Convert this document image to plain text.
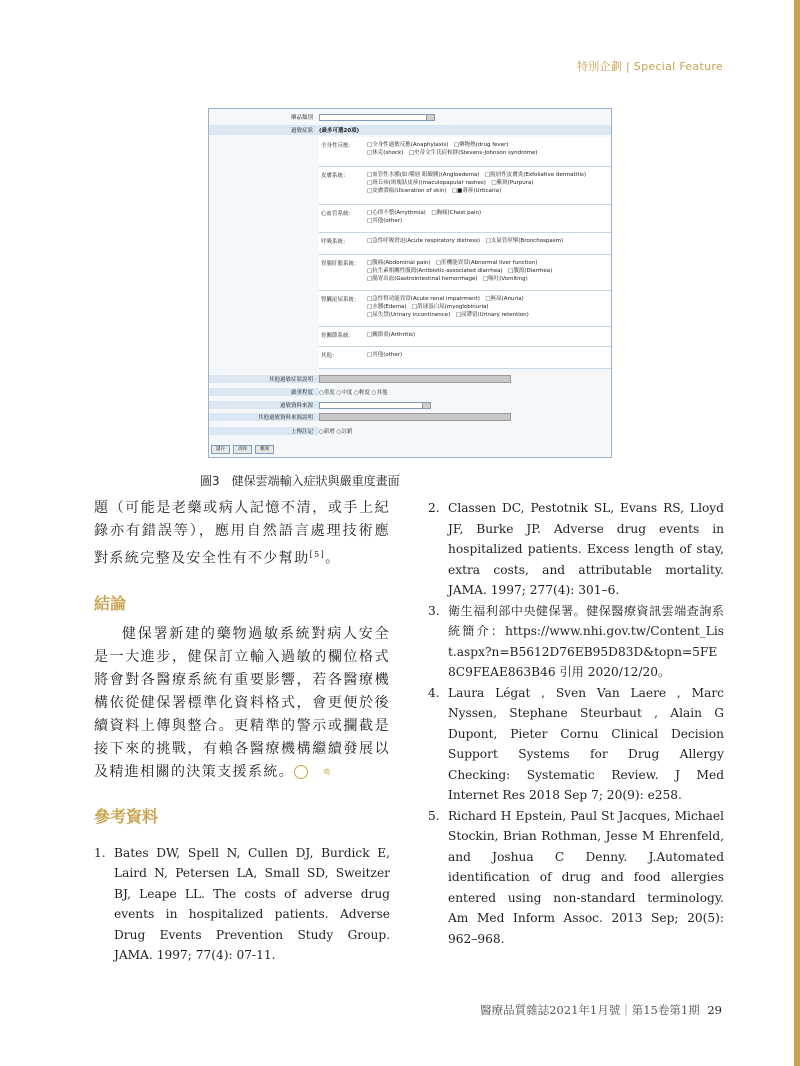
特別企劃 | Special Feature
藥品類別
過敏症狀	(最多可選20項)
全身性反應：	□全身性過敏反應(Anaphylaxis)　□藥物熱(drug fever)
□休克(shock)　□史蒂文生氏症候群(Stevens-Johnson syndrome)
皮膚系統：	□血管性水腫(如:嘴唇 眼瞼腫)(Angioedema)　□脫屑性皮膚炎(Exfoliative dermatitis)
□斑丘疹(斑塊狀皮疹)(maculopapular rashes)　□紫斑(Purpura)
□皮膚潰瘍(Ulceration of skin)　□■蕁疹(Urticaria)
心血管系統：	□心律不整(Arrythmia)　□胸痛(Chest pain)
□其他(other)
呼吸系統：	□急性呼吸窘迫(Acute respiratory distress)　□支氣管痙攣(Bronchospasm)
胃腸肝膽系統：	□腹痛(Abdominal pain)　□肝機能異常(Abnormal liver function)
□抗生素相關性腹瀉(Antibiotic-associated diarrhea)　□腹瀉(Diarrhea)
□腸胃出血(Gastrointestinal hemorrhage)　□嘔吐(Vomiting)
腎臟泌尿系統：	□急性腎功能異常(Acute renal impairment)　□無尿(Anuria)
□水腫(Edema)　□肌球蛋白尿(myoglobinuria)
□尿失禁(Urinary incontinence)　□尿滯留(Urinary retention)
骨關節系統：	□關節炎(Arthritis)
其他：	□其他(other)
其他過敏症狀說明
嚴重程度	○重度 ○中度 ○輕度 ○其他
過敏資料來源
其他過敏資料來源說明
上傳註記	○新增 ○註銷
儲存	清除	離開
圖3　健保雲端輸入症狀與嚴重度畫面
題（可能是老藥或病人記憶不清，或手上紀錄亦有錯誤等），應用自然語言處理技術應對系統完整及安全性有不少幫助[5]。
結論
健保署新建的藥物過敏系統對病人安全是一大進步，健保訂立輸入過敏的欄位格式將會對各醫療系統有重要影響，若各醫療機構依從健保署標準化資料格式，會更便於後續資料上傳與整合。更精準的警示或攔截是接下來的挑戰，有賴各醫療機構繼續發展以及精進相關的決策支援系統。	鳴
參考資料
1. Bates DW, Spell N, Cullen DJ, Burdick E, Laird N, Petersen LA, Small SD, Sweitzer BJ, Leape LL. The costs of adverse drug events in hospitalized patients. Adverse Drug Events Prevention Study Group. JAMA. 1997; 77(4): 07-11.
2. Classen DC, Pestotnik SL, Evans RS, Lloyd JF, Burke JP. Adverse drug events in hospitalized patients. Excess length of stay, extra costs, and attributable mortality. JAMA. 1997; 277(4): 301–6.
3. 衛生福利部中央健保署。健保醫療資訊雲端查詢系統簡介：https://www.nhi.gov.tw/Content_List.aspx?n=B5612D76EB95D83D&topn=5FE8C9FEAE863B46 引用 2020/12/20。
4. Laura Légat , Sven Van Laere , Marc Nyssen, Stephane Steurbaut , Alain G Dupont, Pieter Cornu Clinical Decision Support Systems for Drug Allergy Checking: Systematic Review. J Med Internet Res 2018 Sep 7; 20(9): e258.
5. Richard H Epstein, Paul St Jacques, Michael Stockin, Brian Rothman, Jesse M Ehrenfeld, and Joshua C Denny. J.Automated identification of drug and food allergies entered using non-standard terminology. Am Med Inform Assoc. 2013 Sep; 20(5): 962–968.
醫療品質雜誌2021年1月號｜第15卷第1期 29
